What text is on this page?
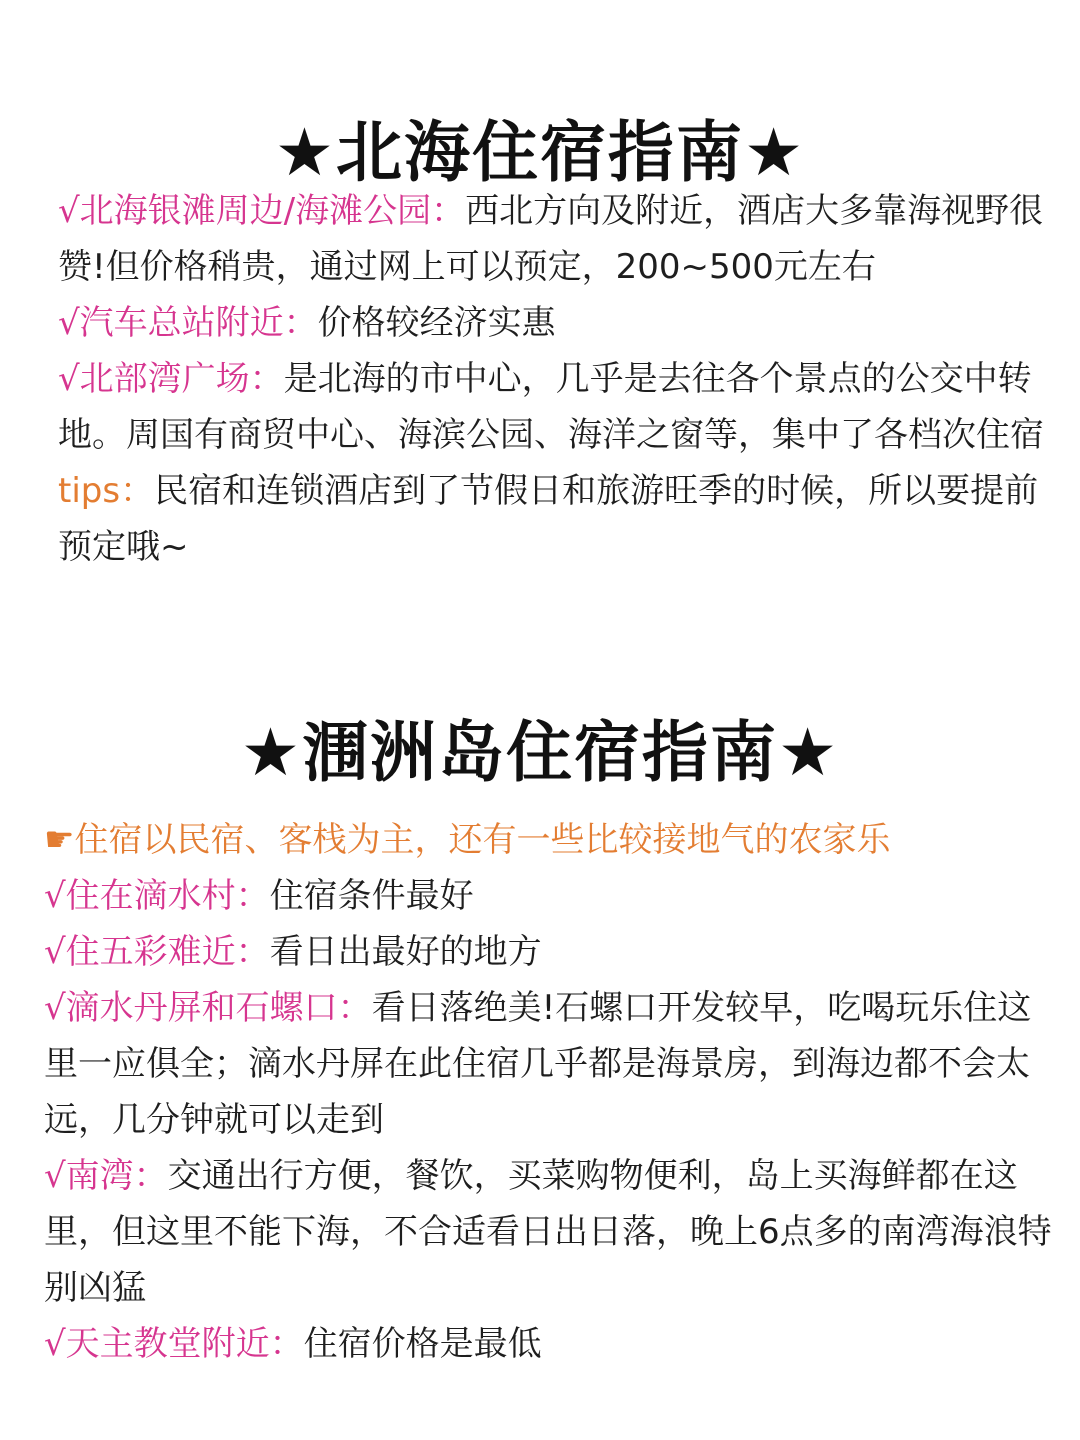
★北海住宿指南★

√北海银滩周边/海滩公园：西北方向及附近，酒店大多靠海视野很赞!但价格稍贵，通过网上可以预定，200~500元左右

√汽车总站附近：价格较经济实惠

√北部湾广场：是北海的市中心，几乎是去往各个景点的公交中转地。周国有商贸中心、海滨公园、海洋之窗等，集中了各档次住宿

tips：民宿和连锁酒店到了节假日和旅游旺季的时候，所以要提前预定哦~

★涠洲岛住宿指南★

☛住宿以民宿、客栈为主，还有一些比较接地气的农家乐

√住在滴水村：住宿条件最好

√住五彩难近：看日出最好的地方

√滴水丹屏和石螺口：看日落绝美!石螺口开发较早，吃喝玩乐住这里一应俱全；滴水丹屏在此住宿几乎都是海景房，到海边都不会太远，几分钟就可以走到

√南湾：交通出行方便，餐饮，买菜购物便利，岛上买海鲜都在这里，但这里不能下海，不合适看日出日落，晚上6点多的南湾海浪特别凶猛

√天主教堂附近：住宿价格是最低
